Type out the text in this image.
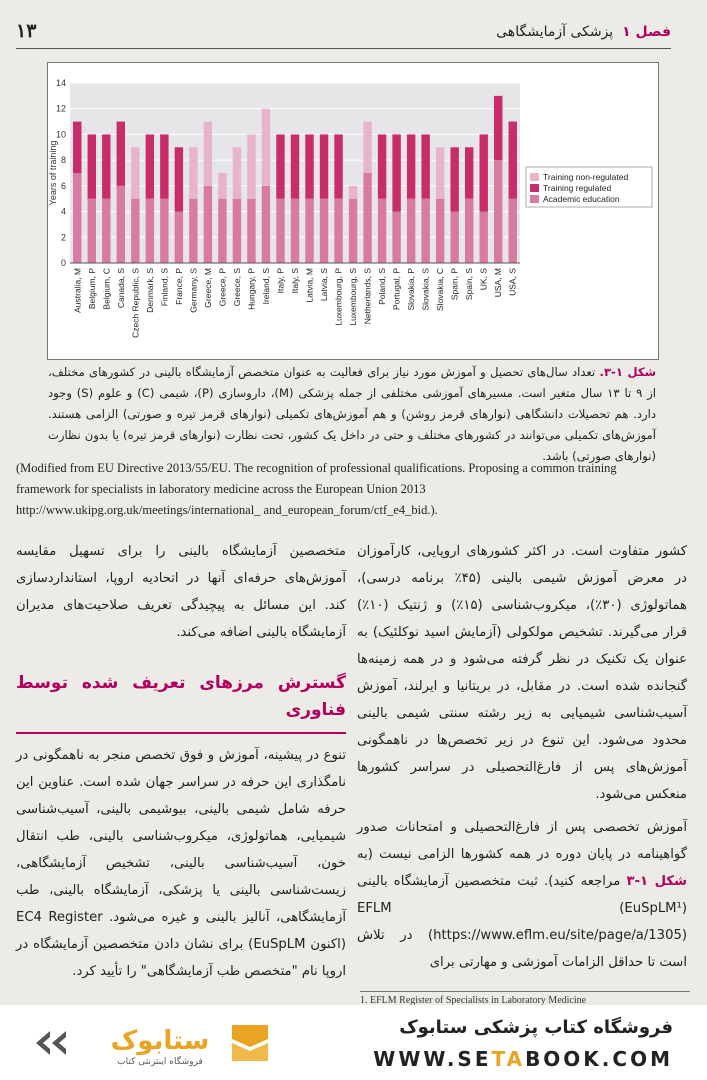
۱۳	فصل ۱  پزشکی آزمایشگاهی
0
2
4
6
8
10
12
14
Years of training
Australia, M Belgium, P Belgium, C Canada, S Czech Republic, S Denmark, S Finland, S France, P Germany, S Greece, M Greece, P Greece, S Hungary, P Ireland, S Italy, P Italy, S Latvia, M Latvia, S Luxembourg, P Luxembourg, S Netherlands, S Poland, S Portugal, P Slovakia, P Slovakia, S Slovakia, C Spain, P Spain, S UK, S USA, M USA, S
Training non-regulated
Training regulated
Academic education
شکل ۱-۳. تعداد سال‌های تحصیل و آموزش مورد نیاز برای فعالیت به عنوان متخصص آزمایشگاه بالینی در کشورهای مختلف، از ۹ تا ۱۳ سال متغیر است. مسیرهای آموزشی مختلفی از جمله پزشکی (M)، داروسازی (P)، شیمی (C) و علوم (S) وجود دارد. هم تحصیلات دانشگاهی (نوارهای قرمز روشن) و هم آموزش‌های تکمیلی (نوارهای قرمز تیره و صورتی) الزامی هستند. آموزش‌های تکمیلی می‌توانند در کشورهای مختلف و حتی در داخل یک کشور، تحت نظارت (نوارهای قرمز تیره) یا بدون نظارت (نوارهای صورتی) باشد.
(Modified from EU Directive 2013/55/EU. The recognition of professional qualifications. Proposing a common training framework for specialists in laboratory medicine across the European Union 2013 http://www.ukipg.org.uk/meetings/international_ and_european_forum/ctf_e4_bid.).

کشور متفاوت است. در اکثر کشورهای اروپایی، کارآموزان در معرض آموزش شیمی بالینی (۴۵٪ برنامه درسی)، هماتولوژی (۳۰٪)، میکروب‌شناسی (۱۵٪) و ژنتیک (۱۰٪) قرار می‌گیرند. تشخیص مولکولی (آزمایش اسید نوکلئیک) به عنوان یک تکنیک در نظر گرفته می‌شود و در همه زمینه‌ها گنجانده شده است. در مقابل، در بریتانیا و ایرلند، آموزش آسیب‌شناسی شیمیایی به زیر رشته سنتی شیمی بالینی محدود می‌شود. این تنوع در زیر تخصص‌ها در ناهمگونی آموزش‌های پس از فارغ‌التحصیلی در سراسر کشورها منعکس می‌شود.

آموزش تخصصی پس از فارغ‌التحصیلی و امتحانات صدور گواهینامه در پایان دوره در همه کشورها الزامی نیست (به شکل ۱-۳ مراجعه کنید). ثبت متخصصین آزمایشگاه بالینی (EFLM (EuSpLM¹ (https://www.eflm.eu/site/page/a/1305) در تلاش است تا حداقل الزامات آموزشی و مهارتی برای

متخصصین آزمایشگاه بالینی را برای تسهیل مقایسه آموزش‌های حرفه‌ای آنها در اتحادیه اروپا، استانداردسازی کند. این مسائل به پیچیدگی تعریف صلاحیت‌های مدیران آزمایشگاه بالینی اضافه می‌کند.

گسترش مرزهای تعریف شده توسط فناوری

تنوع در پیشینه، آموزش و فوق تخصص منجر به ناهمگونی در نامگذاری این حرفه در سراسر جهان شده است. عناوین این حرفه شامل شیمی بالینی، بیوشیمی بالینی، آسیب‌شناسی شیمیایی، هماتولوژی، میکروب‌شناسی بالینی، طب انتقال خون، آسیب‌شناسی بالینی، تشخیص آزمایشگاهی، زیست‌شناسی بالینی یا پزشکی، آزمایشگاه بالینی، طب آزمایشگاهی، آنالیز بالینی و غیره می‌شود. EC4 Register (اکنون EuSpLM) برای نشان دادن متخصصین آزمایشگاه در اروپا نام "متخصص طب آزمایشگاهی" را تأیید کرد.

1. EFLM Register of Specialists in Laboratory Medicine
ستابوک
فروشگاه اینترنتی کتاب
فروشگاه کتاب پزشکی ستابوک
WWW.SETABOOK.COM
